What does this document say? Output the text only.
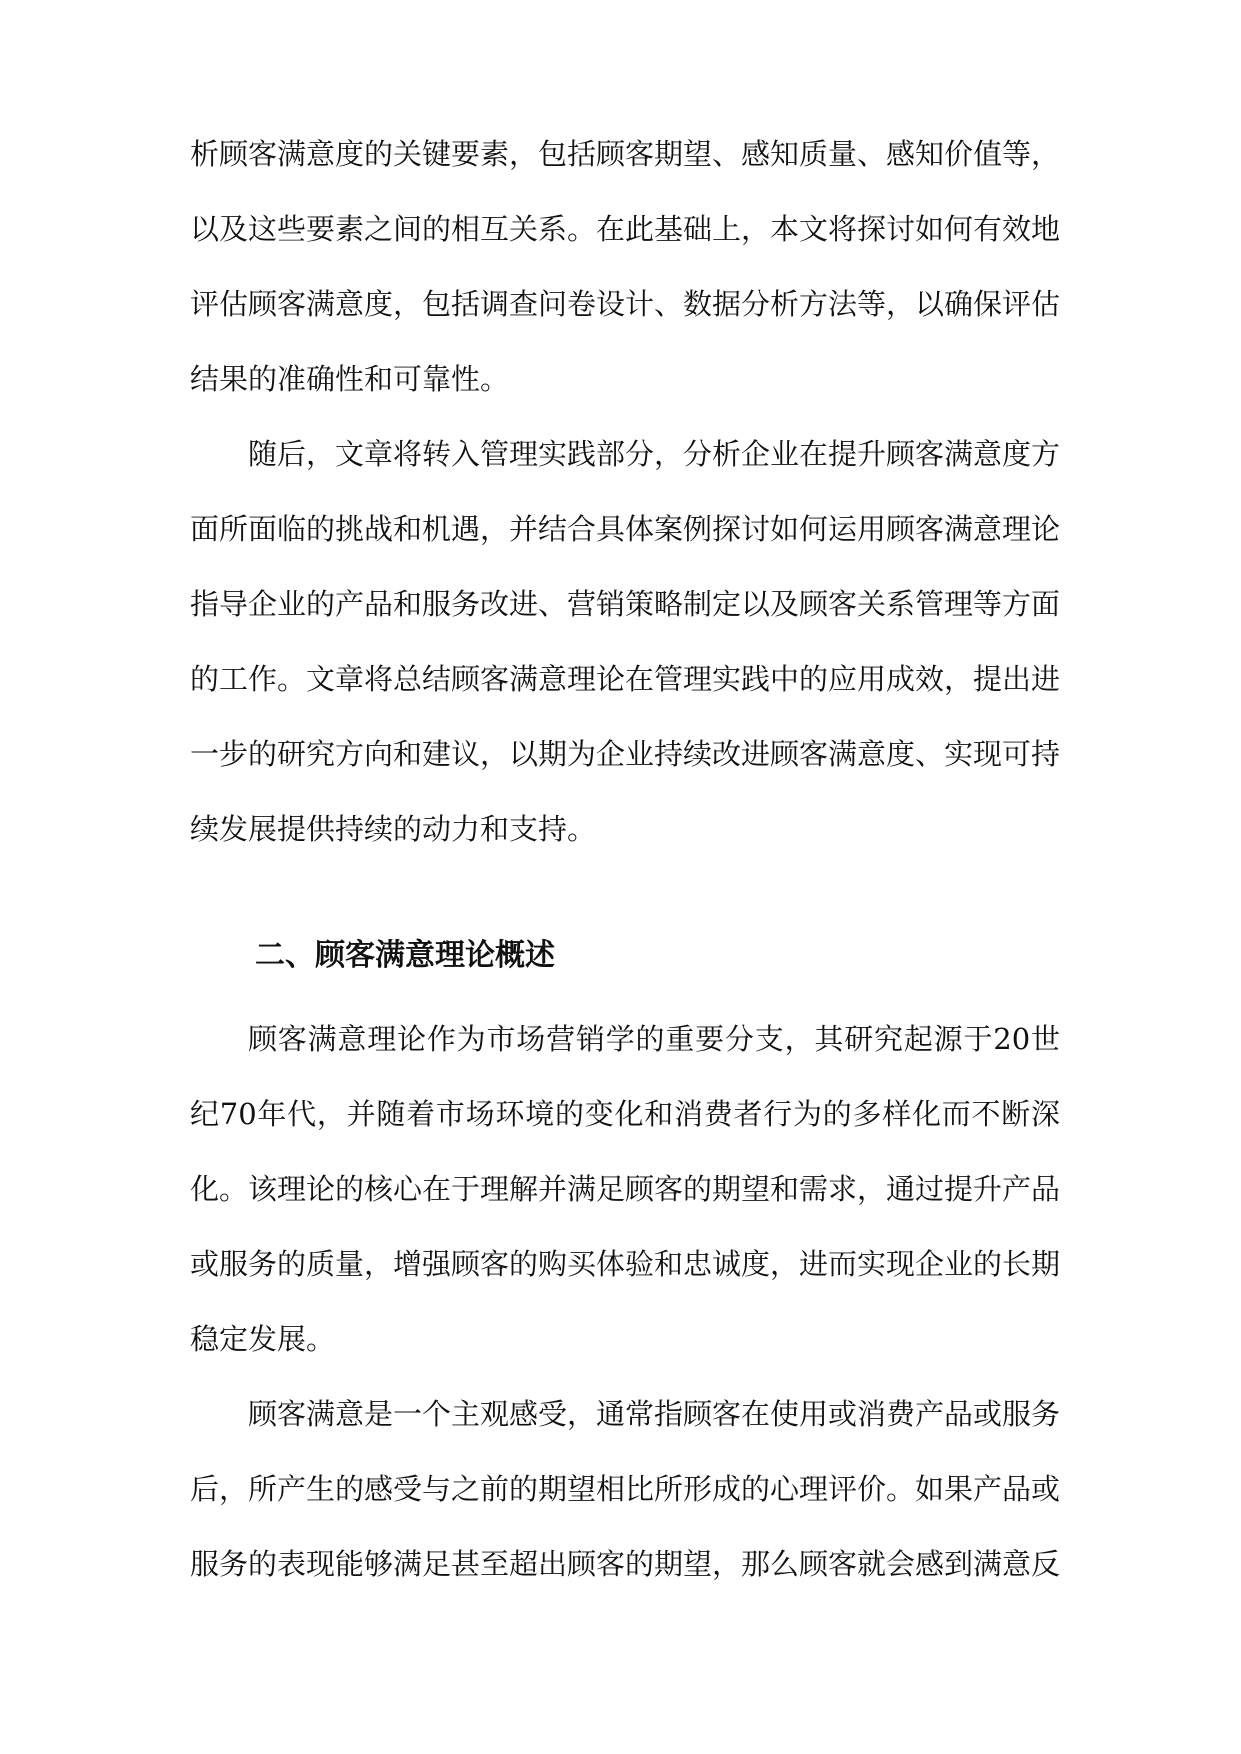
析顾客满意度的关键要素，包括顾客期望、感知质量、感知价值等，
以及这些要素之间的相互关系。在此基础上，本文将探讨如何有效地
评估顾客满意度，包括调查问卷设计、数据分析方法等，以确保评估
结果的准确性和可靠性。
随后，文章将转入管理实践部分，分析企业在提升顾客满意度方
面所面临的挑战和机遇，并结合具体案例探讨如何运用顾客满意理论
指导企业的产品和服务改进、营销策略制定以及顾客关系管理等方面
的工作。文章将总结顾客满意理论在管理实践中的应用成效，提出进
一步的研究方向和建议，以期为企业持续改进顾客满意度、实现可持
续发展提供持续的动力和支持。
二、顾客满意理论概述
顾客满意理论作为市场营销学的重要分支，其研究起源于20世
纪70年代，并随着市场环境的变化和消费者行为的多样化而不断深
化。该理论的核心在于理解并满足顾客的期望和需求，通过提升产品
或服务的质量，增强顾客的购买体验和忠诚度，进而实现企业的长期
稳定发展。
顾客满意是一个主观感受，通常指顾客在使用或消费产品或服务
后，所产生的感受与之前的期望相比所形成的心理评价。如果产品或
服务的表现能够满足甚至超出顾客的期望，那么顾客就会感到满意反
